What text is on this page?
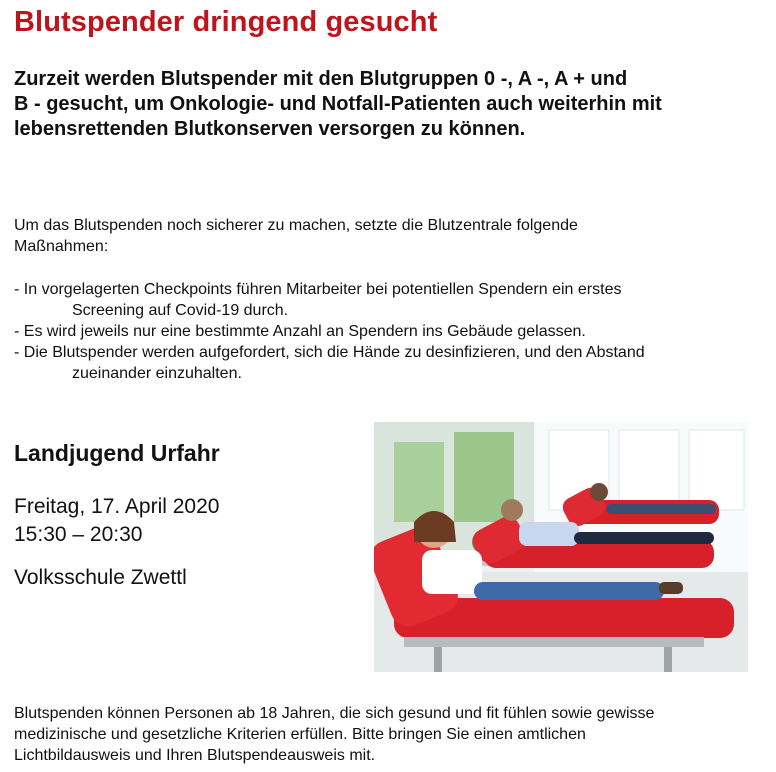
Blutspender dringend gesucht

Zurzeit werden Blutspender mit den Blutgruppen 0 -, A -, A + und
B - gesucht, um Onkologie- und Notfall-Patienten auch weiterhin mit
lebensrettenden Blutkonserven versorgen zu können.

Um das Blutspenden noch sicherer zu machen, setzte die Blutzentrale folgende
Maßnahmen:

- In vorgelagerten Checkpoints führen Mitarbeiter bei potentiellen Spendern ein erstes
Screening auf Covid-19 durch.
- Es wird jeweils nur eine bestimmte Anzahl an Spendern ins Gebäude gelassen.
- Die Blutspender werden aufgefordert, sich die Hände zu desinfizieren, und den Abstand
zueinander einzuhalten.
Landjugend Urfahr

Freitag, 17. April 2020

15:30 – 20:30

Volksschule Zwettl

Blutspenden können Personen ab 18 Jahren, die sich gesund und fit fühlen sowie gewisse
medizinische und gesetzliche Kriterien erfüllen. Bitte bringen Sie einen amtlichen
Lichtbildausweis und Ihren Blutspendeausweis mit.
